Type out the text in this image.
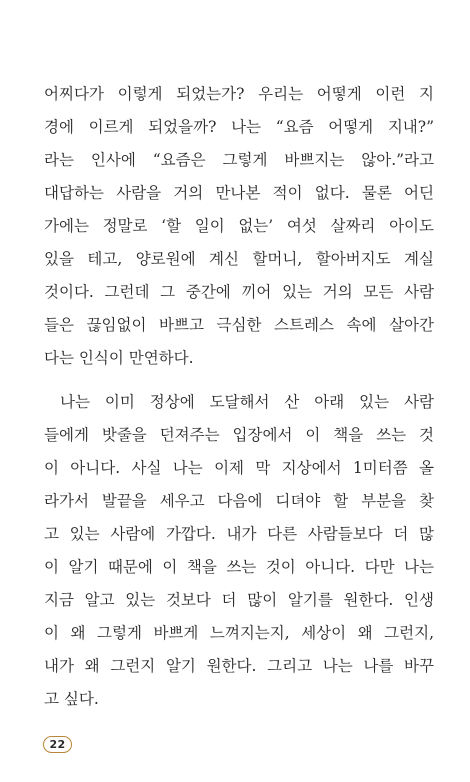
어찌다가 이렇게 되었는가? 우리는 어떻게 이런 지
경에 이르게 되었을까? 나는 “요즘 어떻게 지내?”
라는 인사에 “요즘은 그렇게 바쁘지는 않아.”라고
대답하는 사람을 거의 만나본 적이 없다. 물론 어딘
가에는 정말로 ‘할 일이 없는’ 여섯 살짜리 아이도
있을 테고, 양로원에 계신 할머니, 할아버지도 계실
것이다. 그런데 그 중간에 끼어 있는 거의 모든 사람
들은 끊임없이 바쁘고 극심한 스트레스 속에 살아간
다는 인식이 만연하다.
나는 이미 정상에 도달해서 산 아래 있는 사람
들에게 밧줄을 던져주는 입장에서 이 책을 쓰는 것
이 아니다. 사실 나는 이제 막 지상에서 1미터쯤 올
라가서 발끝을 세우고 다음에 디뎌야 할 부분을 찾
고 있는 사람에 가깝다. 내가 다른 사람들보다 더 많
이 알기 때문에 이 책을 쓰는 것이 아니다. 다만 나는
지금 알고 있는 것보다 더 많이 알기를 원한다. 인생
이 왜 그렇게 바쁘게 느껴지는지, 세상이 왜 그런지,
내가 왜 그런지 알기 원한다. 그리고 나는 나를 바꾸
고 싶다.
22
